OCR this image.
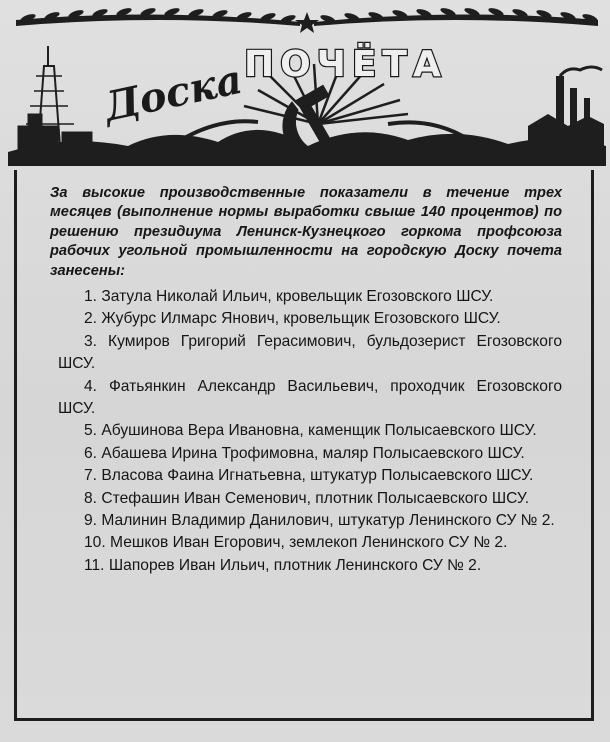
Доска
ПОЧЁТА

За высокие производственные показатели в течение трех месяцев (выполнение нормы выработки свыше 140 процентов) по решению президиума Ленинск-Кузнецкого горкома профсоюза рабочих угольной промышленности на городскую Доску почета занесены:

1. Затула Николай Ильич, кровельщик Егозовского ШСУ.
2. Жубурс Илмарс Янович, кровельщик Егозовского ШСУ.
3. Кумиров Григорий Герасимович, бульдозерист Егозовского ШСУ.
4. Фатьянкин Александр Васильевич, проходчик Егозовского ШСУ.
5. Абушинова Вера Ивановна, каменщик Полысаевского ШСУ.
6. Абашева Ирина Трофимовна, маляр Полысаевского ШСУ.
7. Власова Фаина Игнатьевна, штукатур Полысаевского ШСУ.
8. Стефашин Иван Семенович, плотник Полысаевского ШСУ.
9. Малинин Владимир Данилович, штукатур Ленинского СУ № 2.
10. Мешков Иван Егорович, землекоп Ленинского СУ № 2.
11. Шапорев Иван Ильич, плотник Ленинского СУ № 2.
